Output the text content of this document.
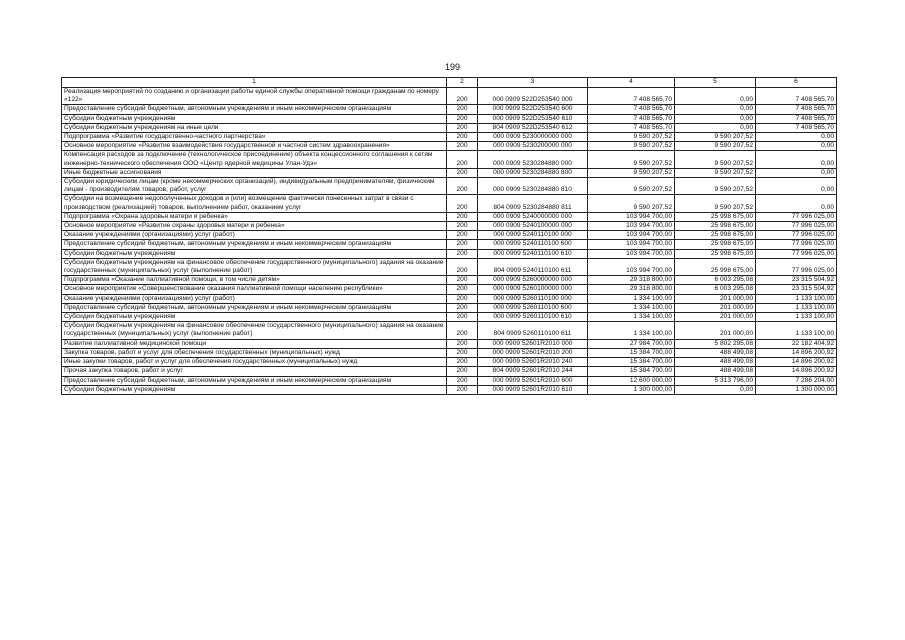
199
1	2	3	4	5	6
Реализация мероприятий по созданию и организации работы единой службы оперативной помощи гражданам по номеру «122»	200	000 0909 522D253540 000	7 408 565,70	0,00	7 408 565,70
Предоставление субсидий бюджетным, автономным учреждениям и иным некоммерческим организациям	200	000 0909 522D253540 600	7 408 565,70	0,00	7 408 565,70
Субсидии бюджетным учреждениям	200	000 0909 522D253540 610	7 408 565,70	0,00	7 408 565,70
Субсидии бюджетным учреждениям на иные цели	200	804 0909 522D253540 612	7 408 565,70	0,00	7 408 565,70
Подпрограмма «Развитие государственно-частного партнерства»	200	000 0909 5230000000 000	9 590 207,52	9 590 207,52	0,00
Основное мероприятие «Развитие взаимодействия государственной и частной систем здравоохранения»	200	000 0909 5230200000 000	9 590 207,52	9 590 207,52	0,00
Компенсация расходов за подключение (технологическое присоединение) объекта концессионного соглашения к сетям инженерно-технического обеспечения ООО «Центр ядерной медицины Улан-Удэ»	200	000 0909 5230284880 000	9 590 207,52	9 590 207,52	0,00
Иные бюджетные ассигнования	200	000 0909 5230284880 800	9 590 207,52	9 590 207,52	0,00
Субсидии юридическим лицам (кроме некоммерческих организаций), индивидуальным предпринимателям, физическим лицам - производителям товаров, работ, услуг	200	000 0909 5230284880 810	9 590 207,52	9 590 207,52	0,00
Субсидии на возмещение недополученных доходов и (или) возмещение фактически понесенных затрат в связи с производством (реализацией) товаров, выполнением работ, оказанием услуг	200	804 0909 5230284880 811	9 590 207,52	9 590 207,52	0,00
Подпрограмма «Охрана здоровья матери и ребенка»	200	000 0909 5240000000 000	103 994 700,00	25 998 675,00	77 996 025,00
Основное мероприятие «Развитие охраны здоровья матери и ребенка»	200	000 0909 5240100000 000	103 994 700,00	25 998 675,00	77 996 025,00
Оказание учреждениями (организациями) услуг (работ)	200	000 0909 5240110100 000	103 994 700,00	25 998 675,00	77 996 025,00
Предоставление субсидий бюджетным, автономным учреждениям и иным некоммерческим организациям	200	000 0909 5240110100 600	103 994 700,00	25 998 675,00	77 996 025,00
Субсидии бюджетным учреждениям	200	000 0909 5240110100 610	103 994 700,00	25 998 675,00	77 996 025,00
Субсидии бюджетным учреждениям на финансовое обеспечение государственного (муниципального) задания на оказание государственных (муниципальных) услуг (выполнение работ)	200	804 0909 5240110100 611	103 994 700,00	25 998 675,00	77 996 025,00
Подпрограмма «Оказание паллиативной помощи, в том числе детям»	200	000 0909 5260000000 000	29 318 800,00	6 003 295,08	23 315 504,92
Основное мероприятие «Совершенствование оказания паллиативной помощи населению республики»	200	000 0909 5260100000 000	29 318 800,00	6 003 295,08	23 315 504,92
Оказание учреждениями (организациями) услуг (работ)	200	000 0909 5260110100 000	1 334 100,00	201 000,00	1 133 100,00
Предоставление субсидий бюджетным, автономным учреждениям и иным некоммерческим организациям	200	000 0909 5260110100 600	1 334 100,00	201 000,00	1 133 100,00
Субсидии бюджетным учреждениям	200	000 0909 5260110100 610	1 334 100,00	201 000,00	1 133 100,00
Субсидии бюджетным учреждениям на финансовое обеспечение государственного (муниципального) задания на оказание государственных (муниципальных) услуг (выполнение работ)	200	804 0909 5260110100 611	1 334 100,00	201 000,00	1 133 100,00
Развитие паллиативной медицинской помощи	200	000 0909 52601R2010 000	27 984 700,00	5 802 295,08	22 182 404,92
Закупка товаров, работ и услуг для обеспечения государственных (муниципальных) нужд	200	000 0909 52601R2010 200	15 384 700,00	488 499,08	14 896 200,92
Иные закупки товаров, работ и услуг для обеспечения государственных (муниципальных) нужд	200	000 0909 52601R2010 240	15 384 700,00	488 499,08	14 896 200,92
Прочая закупка товаров, работ и услуг	200	804 0909 52601R2010 244	15 384 700,00	488 499,08	14 896 200,92
Предоставление субсидий бюджетным, автономным учреждениям и иным некоммерческим организациям	200	000 0909 52601R2010 600	12 600 000,00	5 313 796,00	7 286 204,00
Субсидии бюджетным учреждениям	200	000 0909 52601R2010 610	1 300 000,00	0,00	1 300 000,00
